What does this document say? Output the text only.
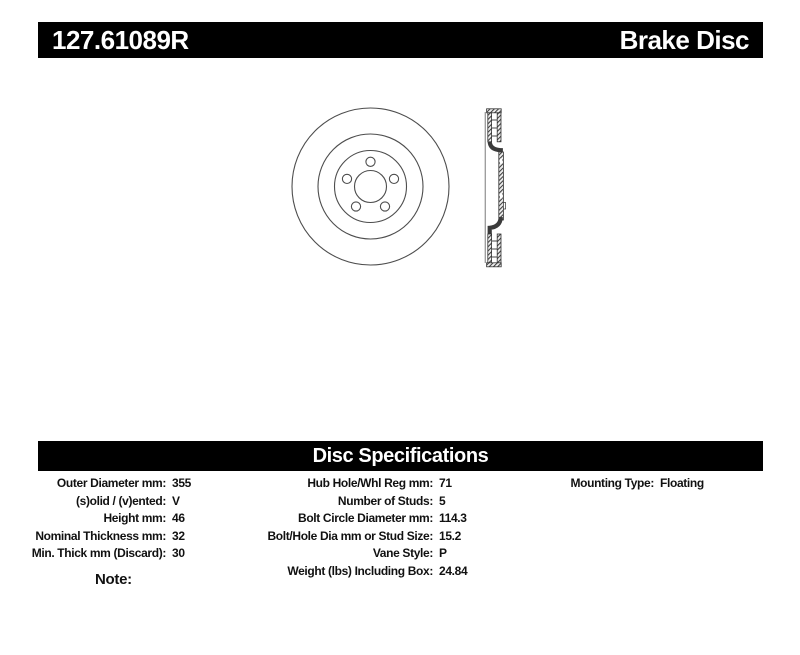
127.61089R	Brake Disc
Disc Specifications
Outer Diameter mm: 355
(s)olid / (v)ented: V
Height mm: 46
Nominal Thickness mm: 32
Min. Thick mm (Discard): 30
Hub Hole/Whl Reg mm: 71
Number of Studs: 5
Bolt Circle Diameter mm: 114.3
Bolt/Hole Dia mm or Stud Size: 15.2
Vane Style: P
Weight (lbs) Including Box: 24.84
Mounting Type: Floating
Note:
